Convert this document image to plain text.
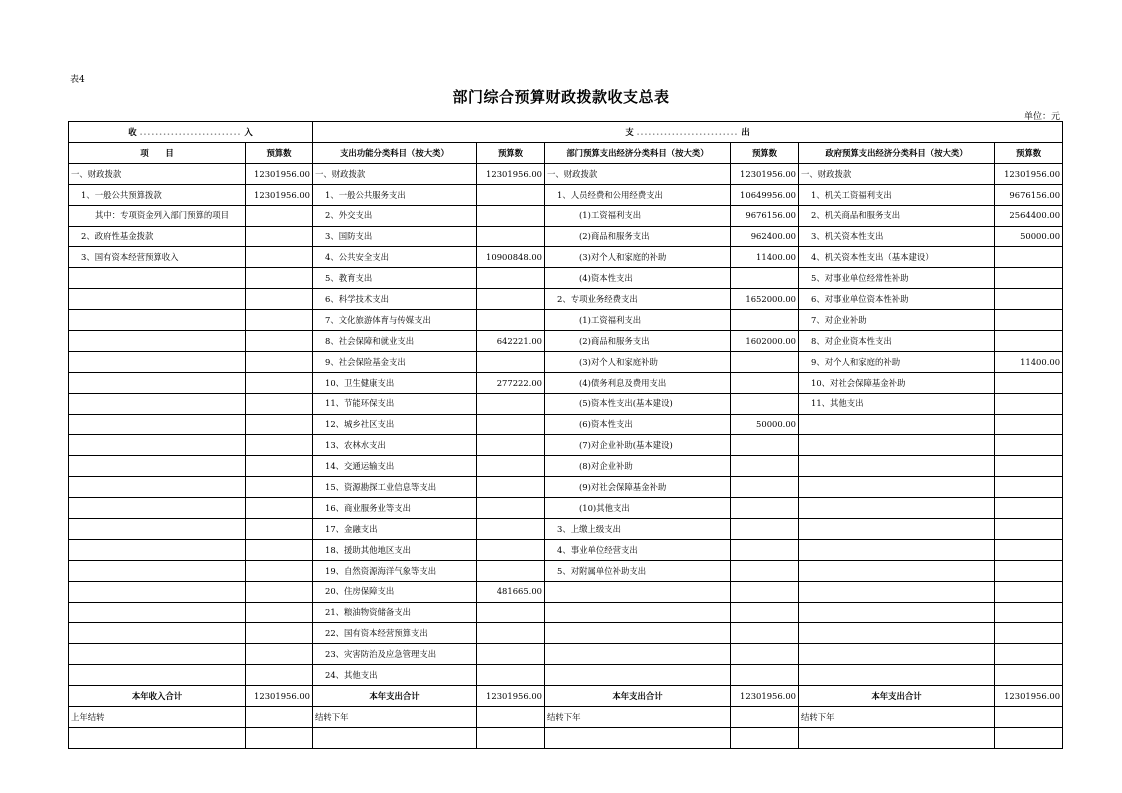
表4
部门综合预算财政拨款收支总表
单位：元
收 .......................... 入		支 .......................... 出					
项　　目	预算数	支出功能分类科目（按大类）	预算数	部门预算支出经济分类科目（按大类）	预算数	政府预算支出经济分类科目（按大类）	预算数
一、财政拨款	12301956.00	一、财政拨款	12301956.00	一、财政拨款	12301956.00	一、财政拨款	12301956.00
1、一般公共预算拨款	12301956.00	1、一般公共服务支出		1、人员经费和公用经费支出	10649956.00	1、机关工资福利支出	9676156.00
其中：专项资金列入部门预算的项目		2、外交支出		(1)工资福利支出	9676156.00	2、机关商品和服务支出	2564400.00
2、政府性基金拨款		3、国防支出		(2)商品和服务支出	962400.00	3、机关资本性支出	50000.00
3、国有资本经营预算收入		4、公共安全支出	10900848.00	(3)对个人和家庭的补助	11400.00	4、机关资本性支出（基本建设）	
		5、教育支出		(4)资本性支出		5、对事业单位经常性补助	
		6、科学技术支出		2、专项业务经费支出	1652000.00	6、对事业单位资本性补助	
		7、文化旅游体育与传媒支出		(1)工资福利支出		7、对企业补助	
		8、社会保障和就业支出	642221.00	(2)商品和服务支出	1602000.00	8、对企业资本性支出	
		9、社会保险基金支出		(3)对个人和家庭补助		9、对个人和家庭的补助	11400.00
		10、卫生健康支出	277222.00	(4)债务利息及费用支出		10、对社会保障基金补助	
		11、节能环保支出		(5)资本性支出(基本建设)		11、其他支出	
		12、城乡社区支出		(6)资本性支出	50000.00		
		13、农林水支出		(7)对企业补助(基本建设)			
		14、交通运输支出		(8)对企业补助			
		15、资源勘探工业信息等支出		(9)对社会保障基金补助			
		16、商业服务业等支出		(10)其他支出			
		17、金融支出		3、上缴上级支出			
		18、援助其他地区支出		4、事业单位经营支出			
		19、自然资源海洋气象等支出		5、对附属单位补助支出			
		20、住房保障支出	481665.00				
		21、粮油物资储备支出					
		22、国有资本经营预算支出					
		23、灾害防治及应急管理支出					
		24、其他支出					
本年收入合计	12301956.00	本年支出合计	12301956.00	本年支出合计	12301956.00	本年支出合计	12301956.00
上年结转		结转下年		结转下年		结转下年	
